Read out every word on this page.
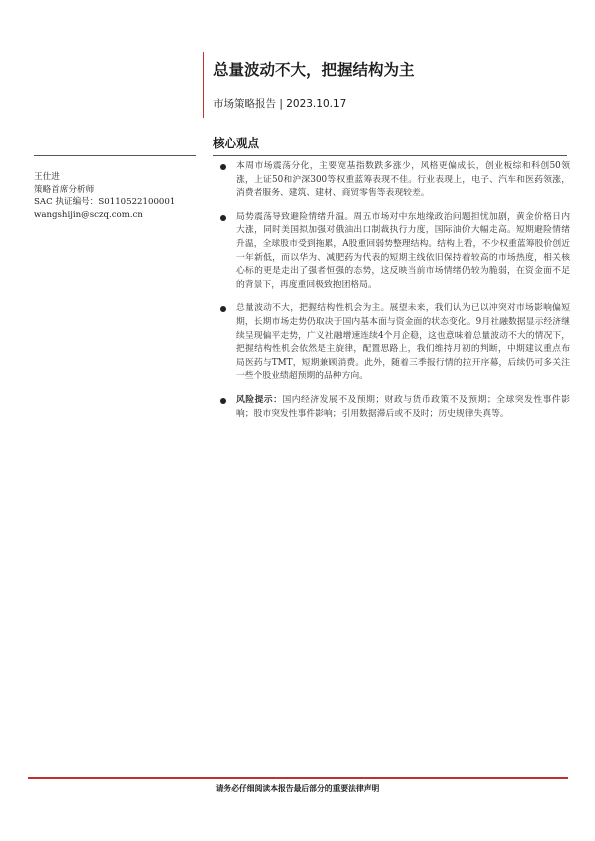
总量波动不大，把握结构为主
市场策略报告 | 2023.10.17
核心观点
王仕进
策略首席分析师
SAC 执证编号：S0110522100001
wangshijin@sczq.com.cn
本周市场震荡分化，主要宽基指数跌多涨少，风格更偏成长，创业板综和科创50领涨，上证50和沪深300等权重蓝筹表现不佳。行业表现上，电子、汽车和医药领涨，消费者服务、建筑、建材、商贸零售等表现较差。
局势震荡导致避险情绪升温。周五市场对中东地缘政治问题担忧加剧，黄金价格日内大涨，同时美国拟加强对俄油出口制裁执行力度，国际油价大幅走高。短期避险情绪升温，全球股市受到拖累，A股重回弱势整理结构。结构上看，不少权重蓝筹股价创近一年新低，而以华为、减肥药为代表的短期主线依旧保持着较高的市场热度，相关核心标的更是走出了强者恒强的态势，这反映当前市场情绪仍较为脆弱，在资金面不足的背景下，再度重回极致抱团格局。
总量波动不大，把握结构性机会为主。展望未来，我们认为已以冲突对市场影响偏短期，长期市场走势仍取决于国内基本面与资金面的状态变化。9月社融数据显示经济继续呈现偏平走势，广义社融增速连续4个月企稳，这也意味着总量波动不大的情况下，把握结构性机会依然是主旋律，配置思路上，我们维持月初的判断，中期建议重点布局医药与TMT，短期兼顾消费。此外，随着三季报行情的拉开序幕，后续仍可多关注一些个股业绩超预期的品种方向。
风险提示：国内经济发展不及预期；财政与货币政策不及预期；全球突发性事件影响；股市突发性事件影响；引用数据滞后或不及时；历史规律失真等。
请务必仔细阅读本报告最后部分的重要法律声明
